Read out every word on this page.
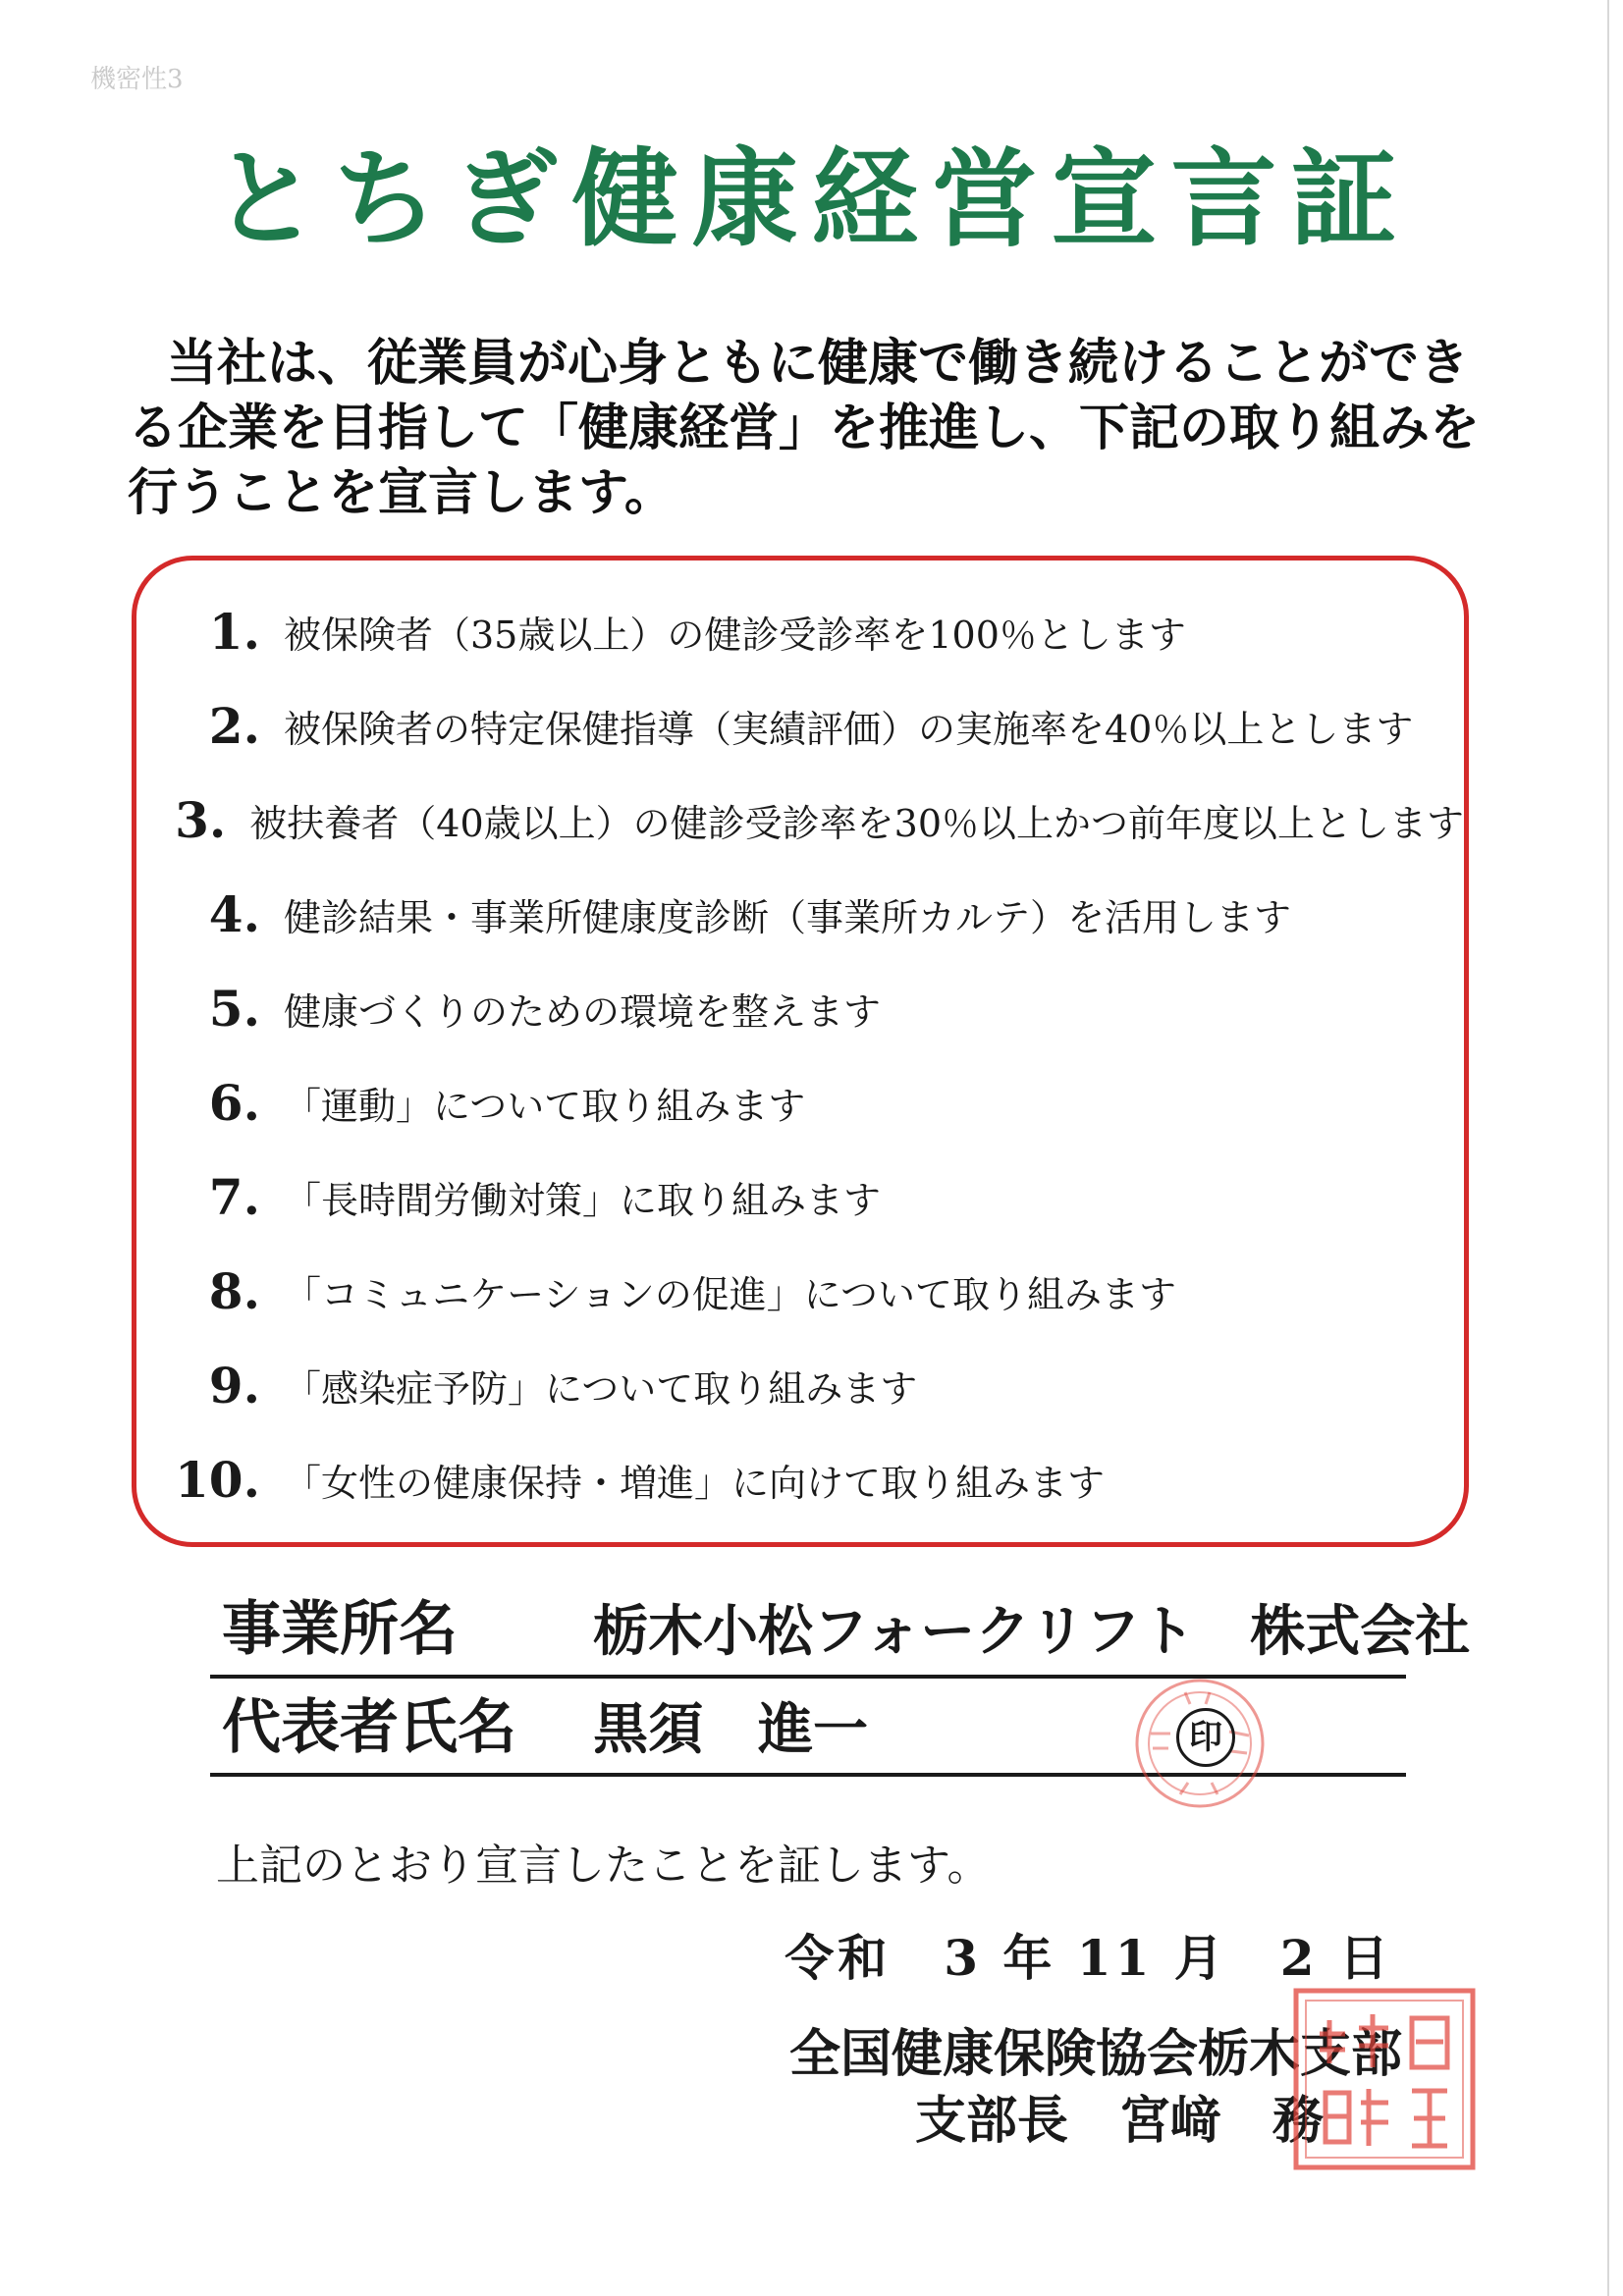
機密性3
とちぎ健康経営宣言証
当社は、従業員が心身ともに健康で働き続けることができ
る企業を目指して「健康経営」を推進し、下記の取り組みを
行うことを宣言します。
1. 被保険者（35歳以上）の健診受診率を100％とします
2. 被保険者の特定保健指導（実績評価）の実施率を40％以上とします
3. 被扶養者（40歳以上）の健診受診率を30％以上かつ前年度以上とします
4. 健診結果・事業所健康度診断（事業所カルテ）を活用します
5. 健康づくりのための環境を整えます
6. 「運動」について取り組みます
7. 「長時間労働対策」に取り組みます
8. 「コミュニケーションの促進」について取り組みます
9. 「感染症予防」について取り組みます
10. 「女性の健康保持・増進」に向けて取り組みます
事業所名 栃木小松フォークリフト　株式会社
代表者氏名 黒須　進一	印
上記のとおり宣言したことを証します。
令和　3 年 11 月　2 日
全国健康保険協会栃木支部
支部長　宮﨑　務
